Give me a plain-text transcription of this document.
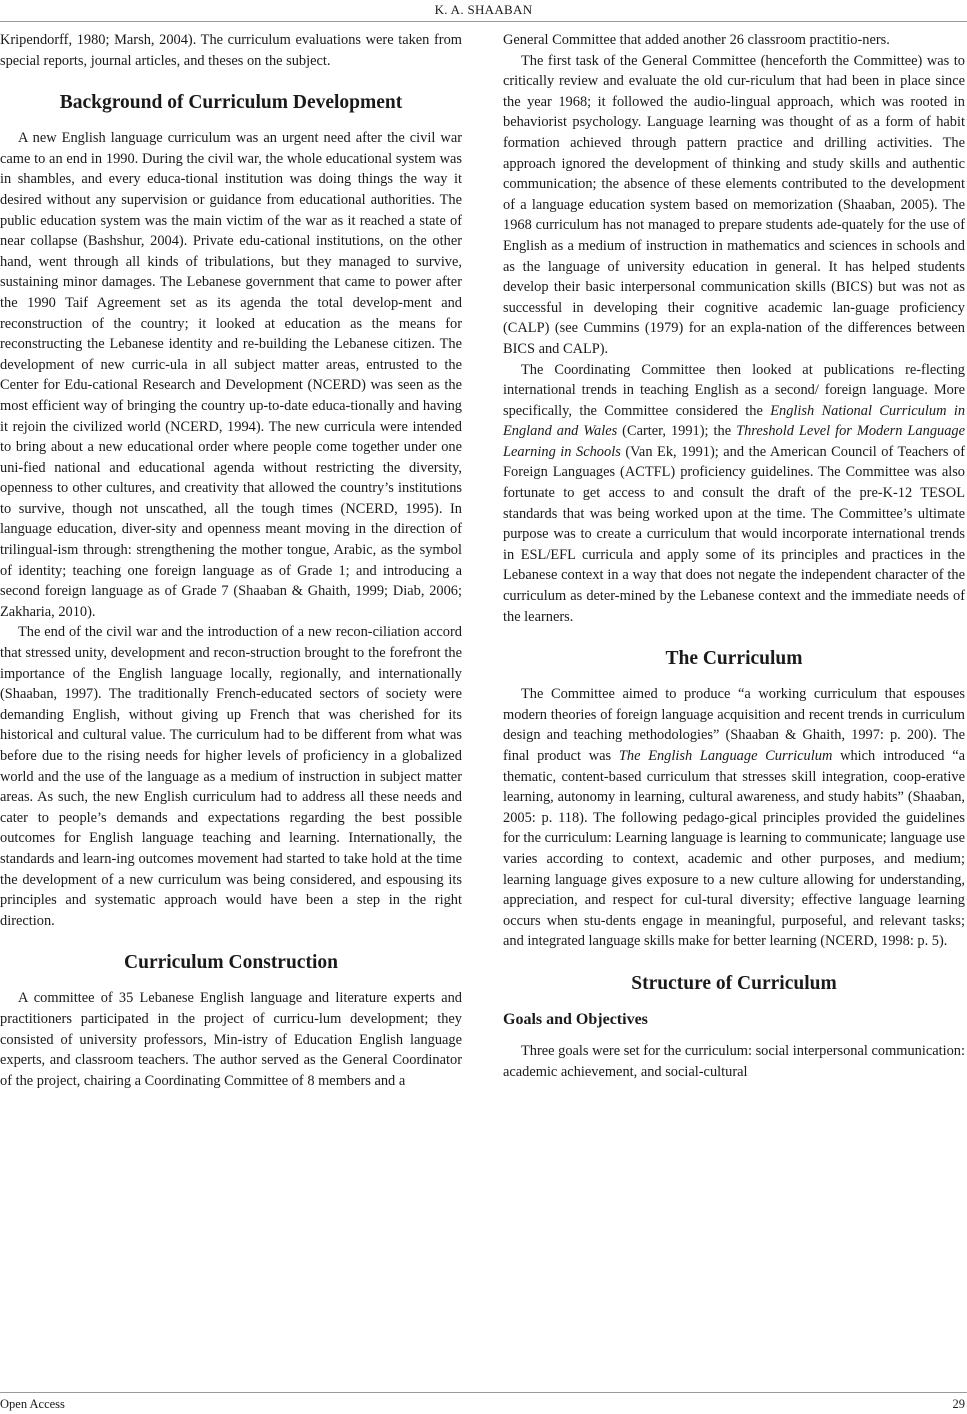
K. A. SHAABAN

Kripendorff, 1980; Marsh, 2004). The curriculum evaluations were taken from special reports, journal articles, and theses on the subject.

Background of Curriculum Development

A new English language curriculum was an urgent need after the civil war came to an end in 1990. During the civil war, the whole educational system was in shambles, and every educa-tional institution was doing things the way it desired without any supervision or guidance from educational authorities. The public education system was the main victim of the war as it reached a state of near collapse (Bashshur, 2004). Private edu-cational institutions, on the other hand, went through all kinds of tribulations, but they managed to survive, sustaining minor damages. The Lebanese government that came to power after the 1990 Taif Agreement set as its agenda the total develop-ment and reconstruction of the country; it looked at education as the means for reconstructing the Lebanese identity and re-building the Lebanese citizen. The development of new curric-ula in all subject matter areas, entrusted to the Center for Edu-cational Research and Development (NCERD) was seen as the most efficient way of bringing the country up-to-date educa-tionally and having it rejoin the civilized world (NCERD, 1994). The new curricula were intended to bring about a new educational order where people come together under one uni-fied national and educational agenda without restricting the diversity, openness to other cultures, and creativity that allowed the country’s institutions to survive, though not unscathed, all the tough times (NCERD, 1995). In language education, diver-sity and openness meant moving in the direction of trilingual-ism through: strengthening the mother tongue, Arabic, as the symbol of identity; teaching one foreign language as of Grade 1; and introducing a second foreign language as of Grade 7 (Shaaban & Ghaith, 1999; Diab, 2006; Zakharia, 2010).

The end of the civil war and the introduction of a new recon-ciliation accord that stressed unity, development and recon-struction brought to the forefront the importance of the English language locally, regionally, and internationally (Shaaban, 1997). The traditionally French-educated sectors of society were demanding English, without giving up French that was cherished for its historical and cultural value. The curriculum had to be different from what was before due to the rising needs for higher levels of proficiency in a globalized world and the use of the language as a medium of instruction in subject matter areas. As such, the new English curriculum had to address all these needs and cater to people’s demands and expectations regarding the best possible outcomes for English language teaching and learning. Internationally, the standards and learn-ing outcomes movement had started to take hold at the time the development of a new curriculum was being considered, and espousing its principles and systematic approach would have been a step in the right direction.

Curriculum Construction

A committee of 35 Lebanese English language and literature experts and practitioners participated in the project of curricu-lum development; they consisted of university professors, Min-istry of Education English language experts, and classroom teachers. The author served as the General Coordinator of the project, chairing a Coordinating Committee of 8 members and a

General Committee that added another 26 classroom practitio-ners.

The first task of the General Committee (henceforth the Committee) was to critically review and evaluate the old cur-riculum that had been in place since the year 1968; it followed the audio-lingual approach, which was rooted in behaviorist psychology. Language learning was thought of as a form of habit formation achieved through pattern practice and drilling activities. The approach ignored the development of thinking and study skills and authentic communication; the absence of these elements contributed to the development of a language education system based on memorization (Shaaban, 2005). The 1968 curriculum has not managed to prepare students ade-quately for the use of English as a medium of instruction in mathematics and sciences in schools and as the language of university education in general. It has helped students develop their basic interpersonal communication skills (BICS) but was not as successful in developing their cognitive academic lan-guage proficiency (CALP) (see Cummins (1979) for an expla-nation of the differences between BICS and CALP).

The Coordinating Committee then looked at publications re-flecting international trends in teaching English as a second/ foreign language. More specifically, the Committee considered the English National Curriculum in England and Wales (Carter, 1991); the Threshold Level for Modern Language Learning in Schools (Van Ek, 1991); and the American Council of Teachers of Foreign Languages (ACTFL) proficiency guidelines. The Committee was also fortunate to get access to and consult the draft of the pre-K-12 TESOL standards that was being worked upon at the time. The Committee’s ultimate purpose was to create a curriculum that would incorporate international trends in ESL/EFL curricula and apply some of its principles and practices in the Lebanese context in a way that does not negate the independent character of the curriculum as deter-mined by the Lebanese context and the immediate needs of the learners.

The Curriculum

The Committee aimed to produce “a working curriculum that espouses modern theories of foreign language acquisition and recent trends in curriculum design and teaching methodologies” (Shaaban & Ghaith, 1997: p. 200). The final product was The English Language Curriculum which introduced “a thematic, content-based curriculum that stresses skill integration, coop-erative learning, autonomy in learning, cultural awareness, and study habits” (Shaaban, 2005: p. 118). The following pedago-gical principles provided the guidelines for the curriculum: Learning language is learning to communicate; language use varies according to context, academic and other purposes, and medium; learning language gives exposure to a new culture allowing for understanding, appreciation, and respect for cul-tural diversity; effective language learning occurs when stu-dents engage in meaningful, purposeful, and relevant tasks; and integrated language skills make for better learning (NCERD, 1998: p. 5).

Structure of Curriculum
Goals and Objectives

Three goals were set for the curriculum: social interpersonal communication: academic achievement, and social-cultural

Open Access	29
